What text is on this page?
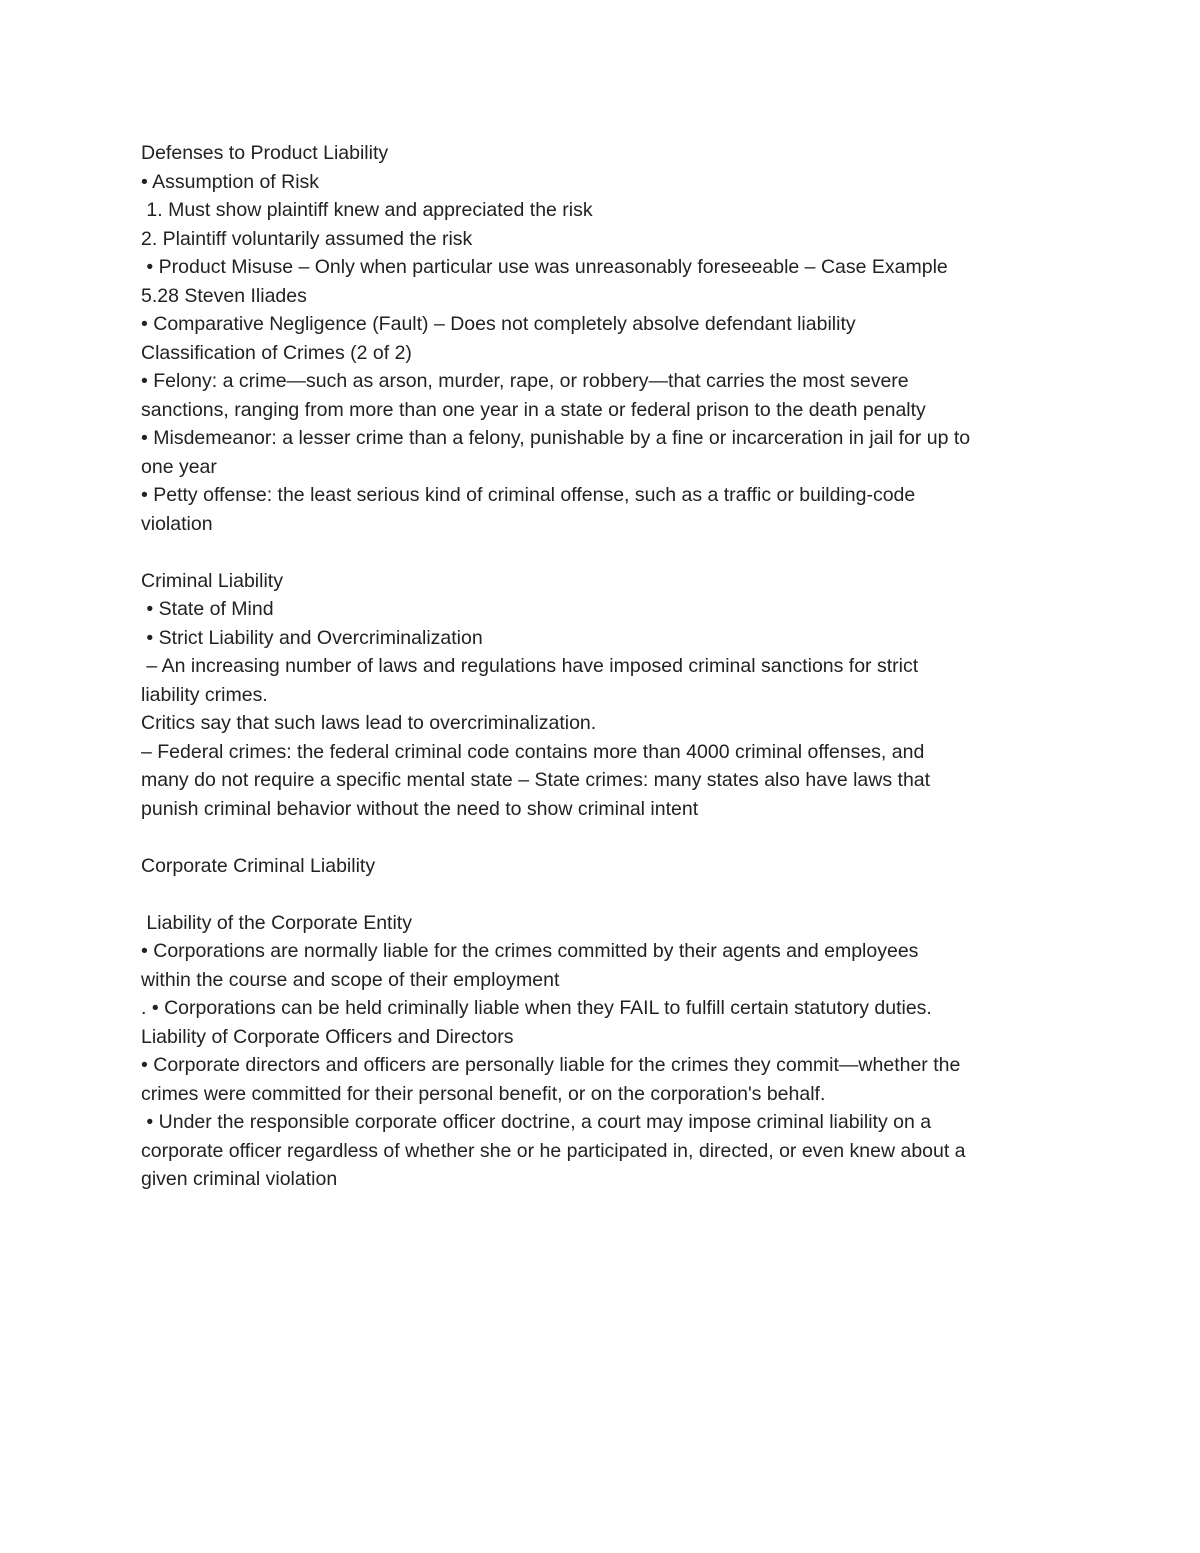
Defenses to Product Liability
• Assumption of Risk
1. Must show plaintiff knew and appreciated the risk
2. Plaintiff voluntarily assumed the risk
• Product Misuse – Only when particular use was unreasonably foreseeable – Case Example
5.28 Steven Iliades
• Comparative Negligence (Fault) – Does not completely absolve defendant liability
Classification of Crimes (2 of 2)
• Felony: a crime—such as arson, murder, rape, or robbery—that carries the most severe
sanctions, ranging from more than one year in a state or federal prison to the death penalty
• Misdemeanor: a lesser crime than a felony, punishable by a fine or incarceration in jail for up to
one year
• Petty offense: the least serious kind of criminal offense, such as a traffic or building-code
violation
Criminal Liability
• State of Mind
• Strict Liability and Overcriminalization
– An increasing number of laws and regulations have imposed criminal sanctions for strict
liability crimes.
Critics say that such laws lead to overcriminalization.
– Federal crimes: the federal criminal code contains more than 4000 criminal offenses, and
many do not require a specific mental state – State crimes: many states also have laws that
punish criminal behavior without the need to show criminal intent
Corporate Criminal Liability
Liability of the Corporate Entity
• Corporations are normally liable for the crimes committed by their agents and employees
within the course and scope of their employment
. • Corporations can be held criminally liable when they FAIL to fulfill certain statutory duties.
Liability of Corporate Officers and Directors
• Corporate directors and officers are personally liable for the crimes they commit—whether the
crimes were committed for their personal benefit, or on the corporation's behalf.
• Under the responsible corporate officer doctrine, a court may impose criminal liability on a
corporate officer regardless of whether she or he participated in, directed, or even knew about a
given criminal violation
